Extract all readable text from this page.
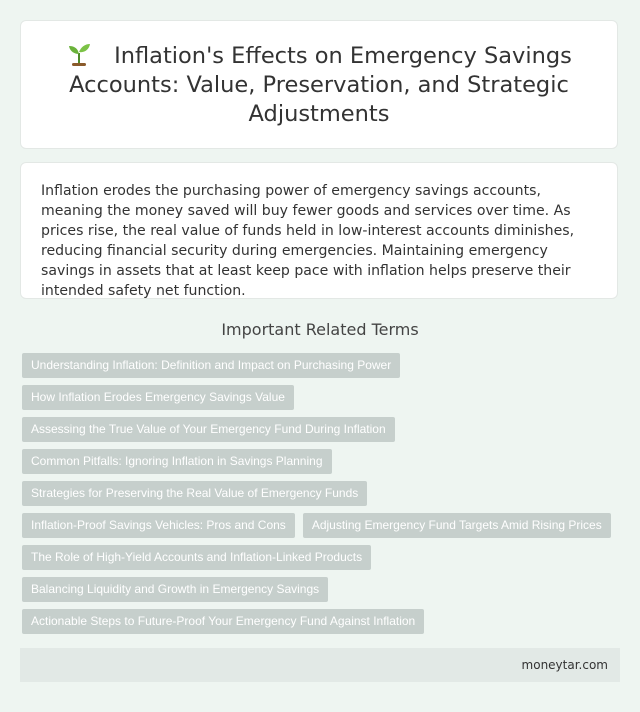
Inflation's Effects on Emergency Savings Accounts: Value, Preservation, and Strategic Adjustments

Inflation erodes the purchasing power of emergency savings accounts, meaning the money saved will buy fewer goods and services over time. As prices rise, the real value of funds held in low-interest accounts diminishes, reducing financial security during emergencies. Maintaining emergency savings in assets that at least keep pace with inflation helps preserve their intended safety net function.

Important Related Terms
Understanding Inflation: Definition and Impact on Purchasing Power
How Inflation Erodes Emergency Savings Value
Assessing the True Value of Your Emergency Fund During Inflation
Common Pitfalls: Ignoring Inflation in Savings Planning
Strategies for Preserving the Real Value of Emergency Funds
Inflation-Proof Savings Vehicles: Pros and Cons	Adjusting Emergency Fund Targets Amid Rising Prices
The Role of High-Yield Accounts and Inflation-Linked Products
Balancing Liquidity and Growth in Emergency Savings
Actionable Steps to Future-Proof Your Emergency Fund Against Inflation
moneytar.com
